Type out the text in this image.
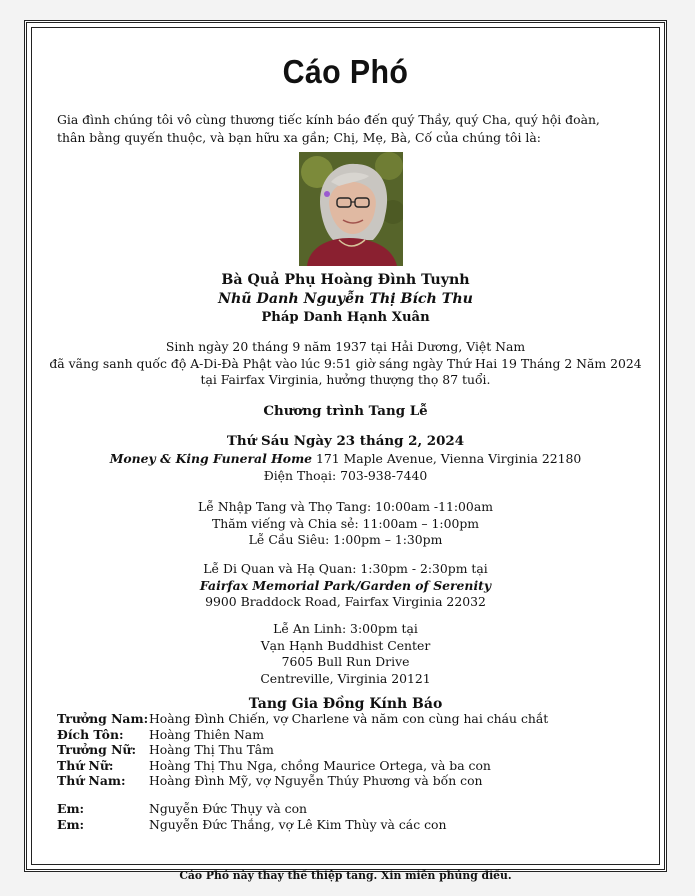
Cáo Phó
Gia đình chúng tôi vô cùng thương tiếc kính báo đến quý Thầy, quý Cha, quý hội đoàn, thân bằng quyến thuộc, và bạn hữu xa gần; Chị, Mẹ, Bà, Cố của chúng tôi là:
Bà Quả Phụ Hoàng Đình Tuynh
Nhũ Danh Nguyễn Thị Bích Thu
Pháp Danh Hạnh Xuân
Sinh ngày 20 tháng 9 năm 1937 tại Hải Dương, Việt Nam
đã vãng sanh quốc độ A-Di-Đà Phật vào lúc 9:51 giờ sáng ngày Thứ Hai 19 Tháng 2 Năm 2024
tại Fairfax Virginia, hưởng thượng thọ 87 tuổi.
Chương trình Tang Lễ
Thứ Sáu Ngày 23 tháng 2, 2024
Money & King Funeral Home 171 Maple Avenue, Vienna Virginia 22180
Điện Thoại: 703-938-7440
Lễ Nhập Tang và Thọ Tang: 10:00am -11:00am
Thăm viếng và Chia sẻ: 11:00am – 1:00pm
Lễ Cầu Siêu: 1:00pm – 1:30pm
Lễ Di Quan và Hạ Quan: 1:30pm - 2:30pm tại
Fairfax Memorial Park/Garden of Serenity
9900 Braddock Road, Fairfax Virginia 22032
Lễ An Linh: 3:00pm tại
Vạn Hạnh Buddhist Center
7605 Bull Run Drive
Centreville, Virginia 20121
Tang Gia Đồng Kính Báo
Trưởng Nam: Hoàng Đình Chiến, vợ Charlene và năm con cùng hai cháu chắt
Đích Tôn: Hoàng Thiên Nam
Trưởng Nữ: Hoàng Thị Thu Tâm
Thứ Nữ:	Hoàng Thị Thu Nga, chồng Maurice Ortega, và ba con
Thứ Nam: Hoàng Đình Mỹ, vợ Nguyễn Thúy Phương và bốn con
Em:	Nguyễn Đức Thụy và con
Em:	Nguyễn Đức Thắng, vợ Lê Kim Thùy và các con
Cáo Phó này thay thế thiệp tang. Xin miễn phúng điếu.
